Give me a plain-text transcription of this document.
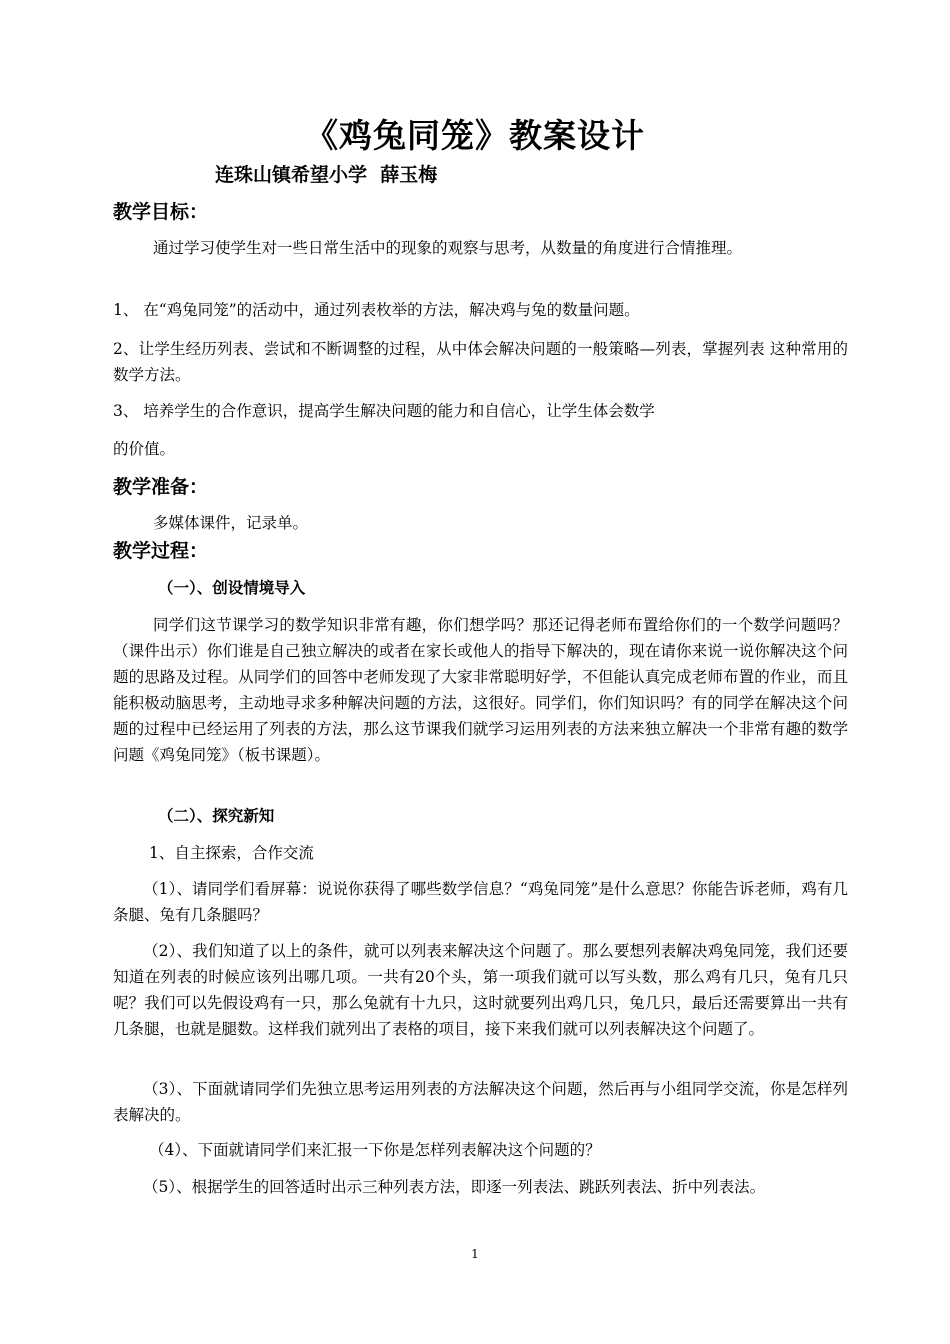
《鸡兔同笼》教案设计
连珠山镇希望小学  薛玉梅
教学目标：

通过学习使学生对一些日常生活中的现象的观察与思考，从数量的角度进行合情推理。

1、 在“鸡兔同笼”的活动中，通过列表枚举的方法，解决鸡与兔的数量问题。

2、让学生经历列表、尝试和不断调整的过程，从中体会解决问题的一般策略—列表，掌握列表 这种常用的数学方法。

3、 培养学生的合作意识，提高学生解决问题的能力和自信心，让学生体会数学

的价值。

教学准备：

多媒体课件，记录单。

教学过程：
（一）、创设情境导入

同学们这节课学习的数学知识非常有趣，你们想学吗？那还记得老师布置给你们的一个数学问题吗？（课件出示）你们谁是自己独立解决的或者在家长或他人的指导下解决的，现在请你来说一说你解决这个问题的思路及过程。从同学们的回答中老师发现了大家非常聪明好学，不但能认真完成老师布置的作业，而且能积极动脑思考，主动地寻求多种解决问题的方法，这很好。同学们，你们知识吗？有的同学在解决这个问题的过程中已经运用了列表的方法，那么这节课我们就学习运用列表的方法来独立解决一个非常有趣的数学问题《鸡兔同笼》（板书课题）。

（二）、探究新知

1、自主探索，合作交流

（1）、请同学们看屏幕：说说你获得了哪些数学信息？“鸡兔同笼”是什么意思？你能告诉老师，鸡有几条腿、兔有几条腿吗？

（2）、我们知道了以上的条件，就可以列表来解决这个问题了。那么要想列表解决鸡兔同笼，我们还要知道在列表的时候应该列出哪几项。一共有20个头，第一项我们就可以写头数，那么鸡有几只，兔有几只呢？我们可以先假设鸡有一只，那么兔就有十九只，这时就要列出鸡几只，兔几只，最后还需要算出一共有几条腿，也就是腿数。这样我们就列出了表格的项目，接下来我们就可以列表解决这个问题了。

（3）、下面就请同学们先独立思考运用列表的方法解决这个问题，然后再与小组同学交流，你是怎样列表解决的。

（4）、下面就请同学们来汇报一下你是怎样列表解决这个问题的？

（5）、根据学生的回答适时出示三种列表方法，即逐一列表法、跳跃列表法、折中列表法。

1
